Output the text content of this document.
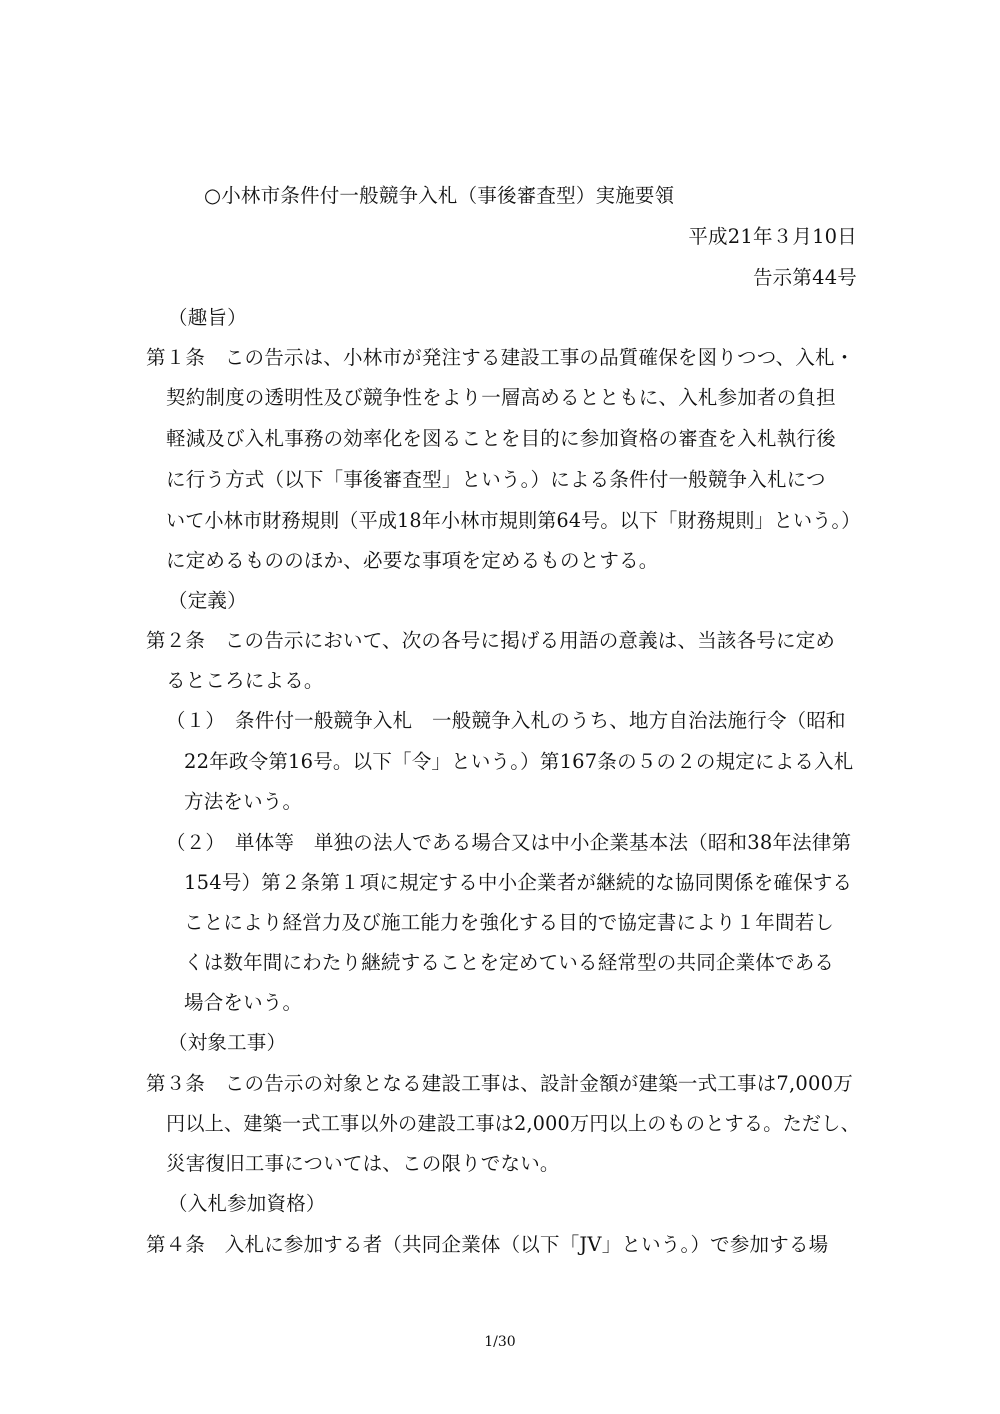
○小林市条件付一般競争入札（事後審査型）実施要領
平成21年３月10日
告示第44号
（趣旨）
第１条　この告示は、小林市が発注する建設工事の品質確保を図りつつ、入札・
契約制度の透明性及び競争性をより一層高めるとともに、入札参加者の負担
軽減及び入札事務の効率化を図ることを目的に参加資格の審査を入札執行後
に行う方式（以下「事後審査型」という。）による条件付一般競争入札につ
いて小林市財務規則（平成18年小林市規則第64号。以下「財務規則」という。）
に定めるもののほか、必要な事項を定めるものとする。
（定義）
第２条　この告示において、次の各号に掲げる用語の意義は、当該各号に定め
るところによる。
（１）　条件付一般競争入札　一般競争入札のうち、地方自治法施行令（昭和
22年政令第16号。以下「令」という。）第167条の５の２の規定による入札
方法をいう。
（２）　単体等　単独の法人である場合又は中小企業基本法（昭和38年法律第
154号）第２条第１項に規定する中小企業者が継続的な協同関係を確保する
ことにより経営力及び施工能力を強化する目的で協定書により１年間若し
くは数年間にわたり継続することを定めている経常型の共同企業体である
場合をいう。
（対象工事）
第３条　この告示の対象となる建設工事は、設計金額が建築一式工事は7,000万
円以上、建築一式工事以外の建設工事は2,000万円以上のものとする。ただし、
災害復旧工事については、この限りでない。
（入札参加資格）
第４条　入札に参加する者（共同企業体（以下「JV」という。）で参加する場
1/30
